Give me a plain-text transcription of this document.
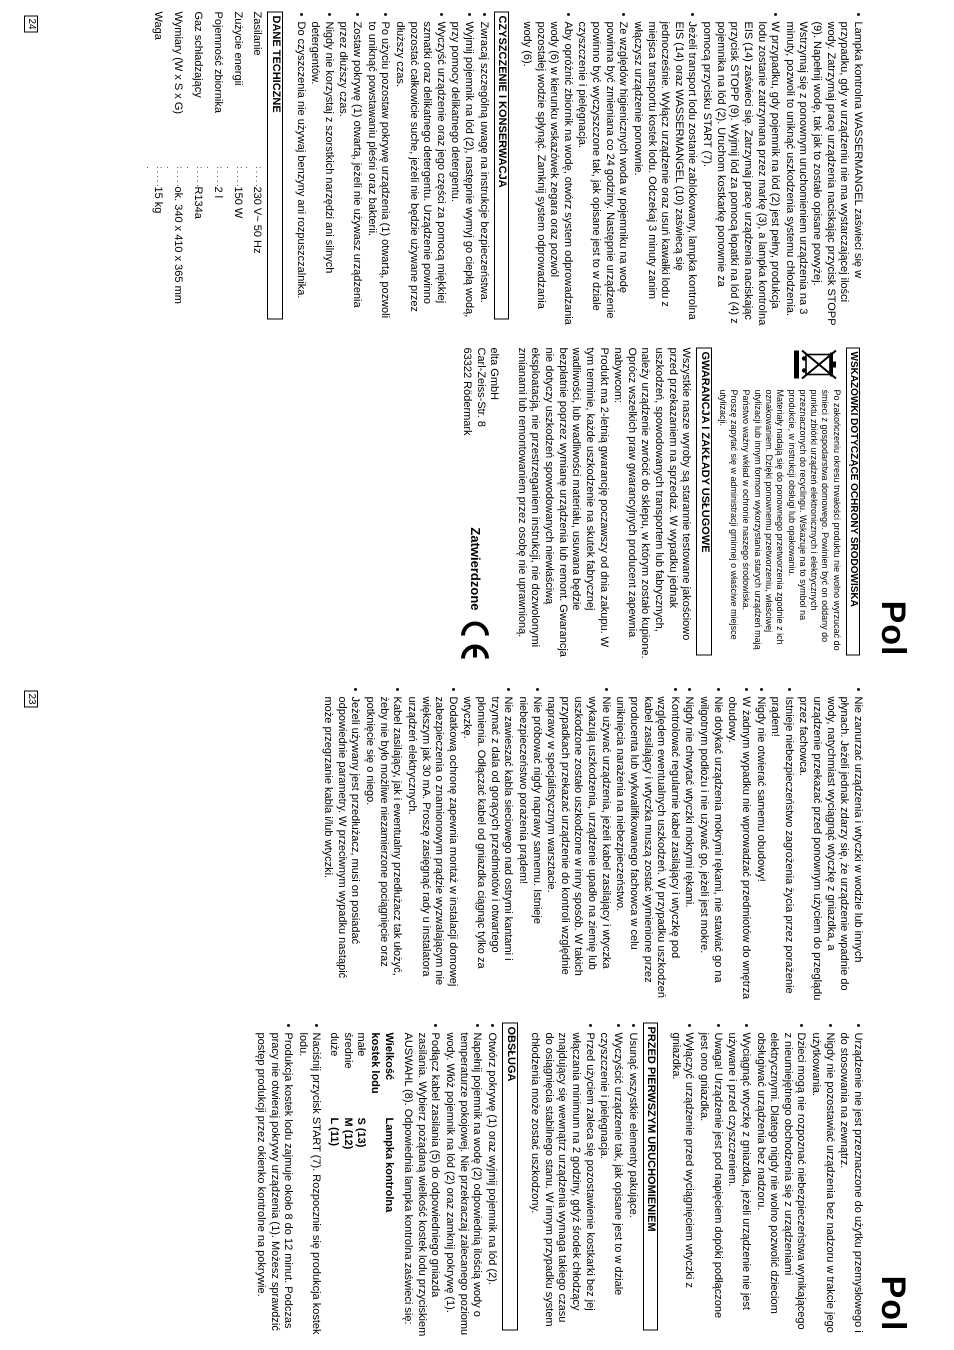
Pol
• Lampka kontrolna WASSERMANGEL zaświeci się w przypadku, gdy w urządzeniu nie ma wystarczającej ilości wody. Zatrzymaj pracę urządzenia naciskając przycisk STOPP (9). Napełnij wodę, tak jak to zostało opisane powyżej. Wstrzymaj się z ponownym uruchomieniem urządzenia na 3 minuty, pozwoli to uniknąć uszkodzenia systemu chłodzenia.
• W przypadku, gdy pojemnik na lód (2) jest pełny, produkcja lodu zostanie zatrzymana przez markę (3), a lampka kontrolna EIS (14) zaświeci się. Zatrzymaj pracę urządzenia naciskając przycisk STOPP (9). Wyjmij lód za pomocą łopatki na lód (4) z pojemnika na lód (2). Uruchom kostkarkę ponownie za pomocą przycisku START (7).
• Jeżeli transport lodu zostanie zablokowany, lampka kontrolna EIS (14) oraz WASSERMANGEL (10) zaświecą się jednocześnie. Wyłącz urządzenie oraz usuń kawałki lodu z miejsca transportu kostek lodu. Odczekaj 3 minuty zanim włączysz urządzenie ponownie.
• Ze względów higienicznych woda w pojemniku na wodę powinna być zmieniana co 24 godziny. Następnie urządzenie powinno być wyczyszczone tak, jak opisane jest to w dziale czyszczenie i pielęgnacja.
• Aby opróżnić zbiornik na wodę, otwórz system odprowadzania wody (6) w kierunku wskazówek zegara oraz pozwól pozostałej wodzie spłynąć. Zamknij system odprowadzania wody (6).
CZYSZCZENIE I KONSERWACJA
• Zwracaj szczególną uwagę na instrukcje bezpieczeństwa.
• Wyjmij pojemnik na lód (2), następnie wymyj go ciepłą wodą, przy pomocy delikatnego detergentu.
• Wyczyść urządzenie oraz jego części za pomocą miękkiej szmatki oraz delikatnego detergentu. Urządzenie powinno pozostać całkowicie suche, jeżeli nie będzie używane przez dłuższy czas.
• Po użyciu pozostaw pokrywę urządzenia (1) otwartą, pozwoli to uniknąć powstawaniu pleśni oraz bakterii.
• Zostaw pokrywę (1) otwartą, jeżeli nie używasz urządzenia przez dłuższy czas.
• Nigdy nie korzystaj z szorstkich narzędzi ani silnych detergentów.
• Do czyszczenia nie używaj benzyny ani rozpuszczalnika.
DANE TECHICZNE
Zasilanie
: . . . . .
230 V~ 50 Hz
Zużycie energii
: . . . . .
150 W
Pojemność zbiornika
: . . . . .
2 l
Gaz schładzający
: . . . . .
R134a
Wymiary (W x S x G)
: . . . . .
ok. 340 x 410 x 365 mm
Waga
: . . . . .
15 kg
WSKAZÓWKI DOTYCZĄCE OCHRONY ŚRODOWISKA

Po zakończeniu okresu trwałości produktu nie wolno wyrzucać do śmieci z gospodarstwa domowego. Powinien być on oddany do punktu zbiórki urządzeń elektronicznych i elektrycznych przeznaczonych do recyclingu. Wskazuje na to symbol na produkcie, w instrukcji obsługi lub opakowaniu.

Materiały nadają się do ponownego przetworzenia zgodnie z ich oznakowaniem. Dzięki ponownemu przetworzeniu, właściwej utylizacji lub innym formom wykorzystania starych urządzeń mają Państwo ważny wkład w ochronie naszego środowiska.

Proszę zapytać się w administracji gminnej o właściwe miejsce utylizacji.

GWARANCJA I ZAKŁADY USŁUGOWE

Wszystkie nasze wyroby są starannie testowane jakościowo przed przekazaniem na sprzedaż. W wypadku jednak uszkodzeń, spowodowanych transportem lub fabrycznych, należy urządzenie zwrócić do sklepu, w którym zostało kupione. Oprócz wszelkich praw gwarancyjnych producent zapewnia nabywcom:

Produkt ma 2-letnią gwarancję poczawszy od dnia zakupu. W tym terminie, każde uszkodzenie na skutek fabrycznej wadliwości, lub wadliwości materiału, usuwana będzie bezpłatnie poprzez wymianę urządzenia lub remont. Gwarancja nie dotyczy uszkodzeń spowodowanych niewłaściwą eksploatacją, nie przestrzeganiem instrukcji, nie dozwolonymi zmianami lub remontowaniem przez osobę nie uprawnioną.

elta GmbH
Carl-Zeiss-Str. 8
63322 Rödermark
Zatwierdzone
24
Pol
• Nie zanurzać urządzenia i wtyczki w wodzie lub innych płynach. Jeżeli jednak zdarzy się, że urządzenie wpadnie do wody, natychmiast wyciągnąć wtyczkę z gniazdka, a urządzenie przekazać przed ponownym użyciem do przeglądu przez fachowca.
• Istnieje niebezpieczeństwo zagrożenia życia przez porażenie prądem!
• Nigdy nie otwierać samemu obudowy!
• W żadnym wypadku nie wprowadzać przedmiotów do wnętrza obudowy.
• Nie dotykać urządzenia mokrymi rękami, nie stawiać go na wilgotnym podłożu i nie używać go, jeżeli jest mokre.
• Nigdy nie chwytać wtyczki mokrymi rękami.
• Kontrolować regularnie kabel zasilający i wtyczkę pod względem ewentualnych uszkodzeń. W przypadku uszkodzeń kabel zasilający i wtyczka muszą zostać wymienione przez producenta lub wykwalifikowanego fachowca w celu uniknięcia narażenia na niebezpieczeństwo.
• Nie używać urządzenia, jeżeli kabel zasilający i wtyczka wykazują uszkodzenia, urządzenie upadło na ziemię lub uszkodzone zostało uszkodzone w inny sposób. W takich przypadkach przekazać urządzenie do kontroli względnie naprawy w specjalistycznym warsztacie.
• Nie próbować nigdy naprawy samemu. Istnieje niebezpieczeństwo porażenia prądem!
• Nie zawieszać kabla sieciowego nad ostrymi kantami i trzymać z dala od gorących przedmiotów i otwartego płomienia. Odłączać kabel od gniazdka ciągnąc tylko za wtyczkę.
• Dodatkową ochronę zapewnia montaż w instalacji domowej zabezpieczenia o znamionowym prądzie wyzwalającym nie większym jak 30 mA. Proszę zasięgnąć rady u instalatora urządzeń elektrycznych.
• Kabel zasilający, jak i ewentualny przedłużacz tak ułożyć, żeby nie było możliwe niezamierzone pociągnięcie oraz potknięcie się o niego.
• Jeżeli używany jest przedłużacz, musi on posiadać odpowiednie parametry. W przeciwnym wypadku nastąpić może przegrzanie kabla i/lub wtyczki.
• Urządzenie nie jest przeznaczone do użytku przemysłowego i do stosowania na zewnątrz.
• Nigdy nie pozostawiać urządzenia bez nadzoru w trakcie jego użytkowania.
• Dzieci mogą nie rozpoznać niebezpieczeństwa wynikającego z nieumiejętnego obchodzenia się z urządzeniami elektrycznymi. Dlatego nigdy nie wolno pozwolić dzieciom obsługiwać urządzenia bez nadzoru.
• Wyciągnąć wtyczkę z gniazdka, jeżeli urządzenie nie jest używane i przed czyszczeniem.
• Uwaga! Urządzenie jest pod napięciem dopóki podłączone jest ono gniazdka.
• Wyłączyć urządzenie przed wyciągnięciem wtyczki z gniazdka.
PRZED PIERWSZYM URUCHOMIENIEM
• Usunąć wszystkie elementy pakujące.
• Wyczyścić urządzenie tak, jak opisane jest to w dziale czyszczenie i pielęgnacja.
• Przed użyciem zaleca się pozostawienie kostkarki bez jej włączania minimum na 2 godziny, gdyż środek chłodzący znajdujący się wewnątrz urządzenia wymaga takiego czasu do osiągnięcia stabilnego stanu. W innym przypadku system chłodzenia może zostać uszkodzony.
OBSŁUGA
• Otwórz pokrywę (1) oraz wyjmij pojemnik na lód (2).
• Napełnij pojemnik na wodę (2) odpowiednią ilością wody o temperaturze pokojowej. Nie przekraczaj zalecanego poziomu wody. Włóż pojemnik na lód (2) oraz zamknij pokrywę (1).
• Podłącz kabel zasilania (5) do odpowiedniego gniazda zasilania. Wybierz pożądaną wielkość kostek lodu przyciskiem AUSWAHL (8). Odpowiednia lampka kontrolna zaświeci się:
Wielkość kostek lodu
Lampka kontrolna
małe
S (13)
średnie
M (12)
duże
L (11)
• Naciśnij przycisk START (7). Rozpocznie się produkcja kostek lodu.
• Produkcja kostek lodu zajmuje około 8 do 12 minut. Podczas pracy nie otwieraj pokrywy urządzenia (1). Możesz sprawdzić postęp produkcji przez okienko kontrolne na pokrywie.
23
